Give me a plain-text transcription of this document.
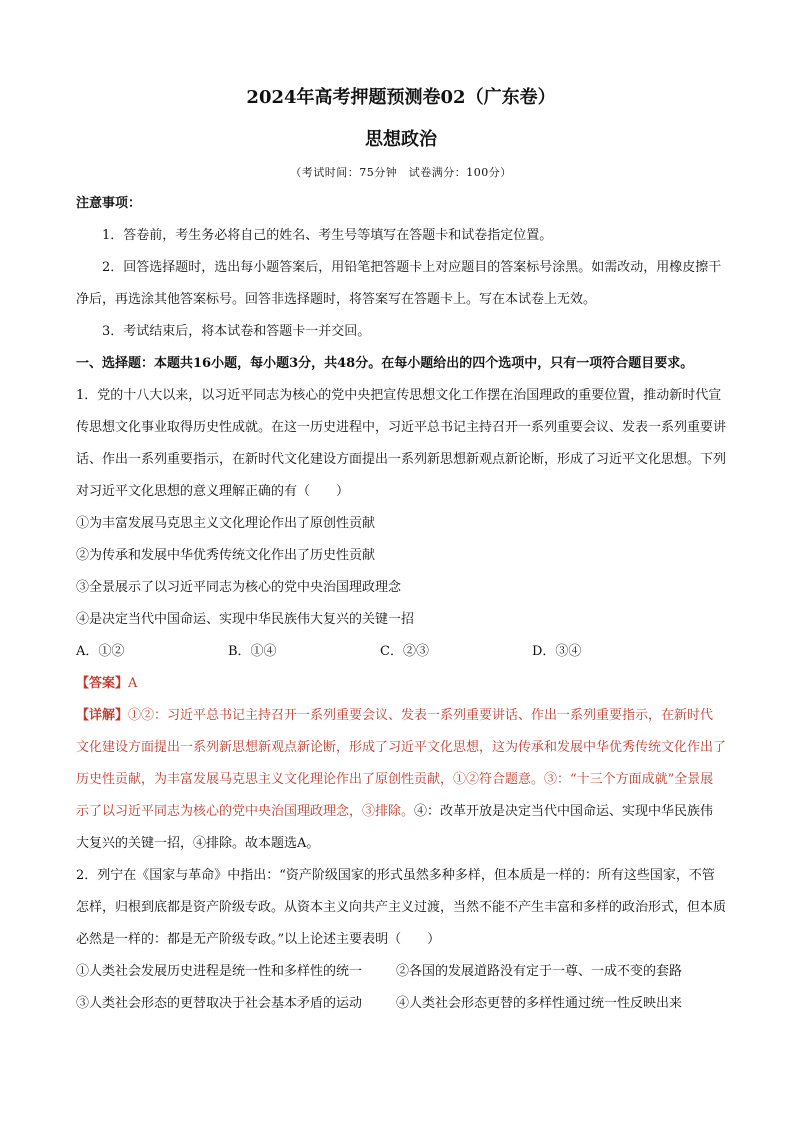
2024年高考押题预测卷02（广东卷）
思想政治
（考试时间：75分钟　试卷满分：100分）

注意事项：

1．答卷前，考生务必将自己的姓名、考生号等填写在答题卡和试卷指定位置。

2．回答选择题时，选出每小题答案后，用铅笔把答题卡上对应题目的答案标号涂黑。如需改动，用橡皮擦干净后，再选涂其他答案标号。回答非选择题时，将答案写在答题卡上。写在本试卷上无效。

3．考试结束后，将本试卷和答题卡一并交回。

一、选择题：本题共16小题，每小题3分，共48分。在每小题给出的四个选项中，只有一项符合题目要求。

1．党的十八大以来，以习近平同志为核心的党中央把宣传思想文化工作摆在治国理政的重要位置，推动新时代宣传思想文化事业取得历史性成就。在这一历史进程中，习近平总书记主持召开一系列重要会议、发表一系列重要讲话、作出一系列重要指示，在新时代文化建设方面提出一系列新思想新观点新论断，形成了习近平文化思想。下列对习近平文化思想的意义理解正确的有（　　）

①为丰富发展马克思主义文化理论作出了原创性贡献

②为传承和发展中华优秀传统文化作出了历史性贡献

③全景展示了以习近平同志为核心的党中央治国理政理念

④是决定当代中国命运、实现中华民族伟大复兴的关键一招

A．①②	B．①④	C．②③	D．③④

【答案】A

【详解】①②：习近平总书记主持召开一系列重要会议、发表一系列重要讲话、作出一系列重要指示，在新时代文化建设方面提出一系列新思想新观点新论断，形成了习近平文化思想，这为传承和发展中华优秀传统文化作出了历史性贡献，为丰富发展马克思主义文化理论作出了原创性贡献，①②符合题意。③：“十三个方面成就”全景展示了以习近平同志为核心的党中央治国理政理念，③排除。④：改革开放是决定当代中国命运、实现中华民族伟大复兴的关键一招，④排除。故本题选A。

2．列宁在《国家与革命》中指出：“资产阶级国家的形式虽然多种多样，但本质是一样的：所有这些国家，不管怎样，归根到底都是资产阶级专政。从资本主义向共产主义过渡，当然不能不产生丰富和多样的政治形式，但本质必然是一样的：都是无产阶级专政。”以上论述主要表明（　　）

①人类社会发展历史进程是统一性和多样性的统一	②各国的发展道路没有定于一尊、一成不变的套路
③人类社会形态的更替取决于社会基本矛盾的运动	④人类社会形态更替的多样性通过统一性反映出来
